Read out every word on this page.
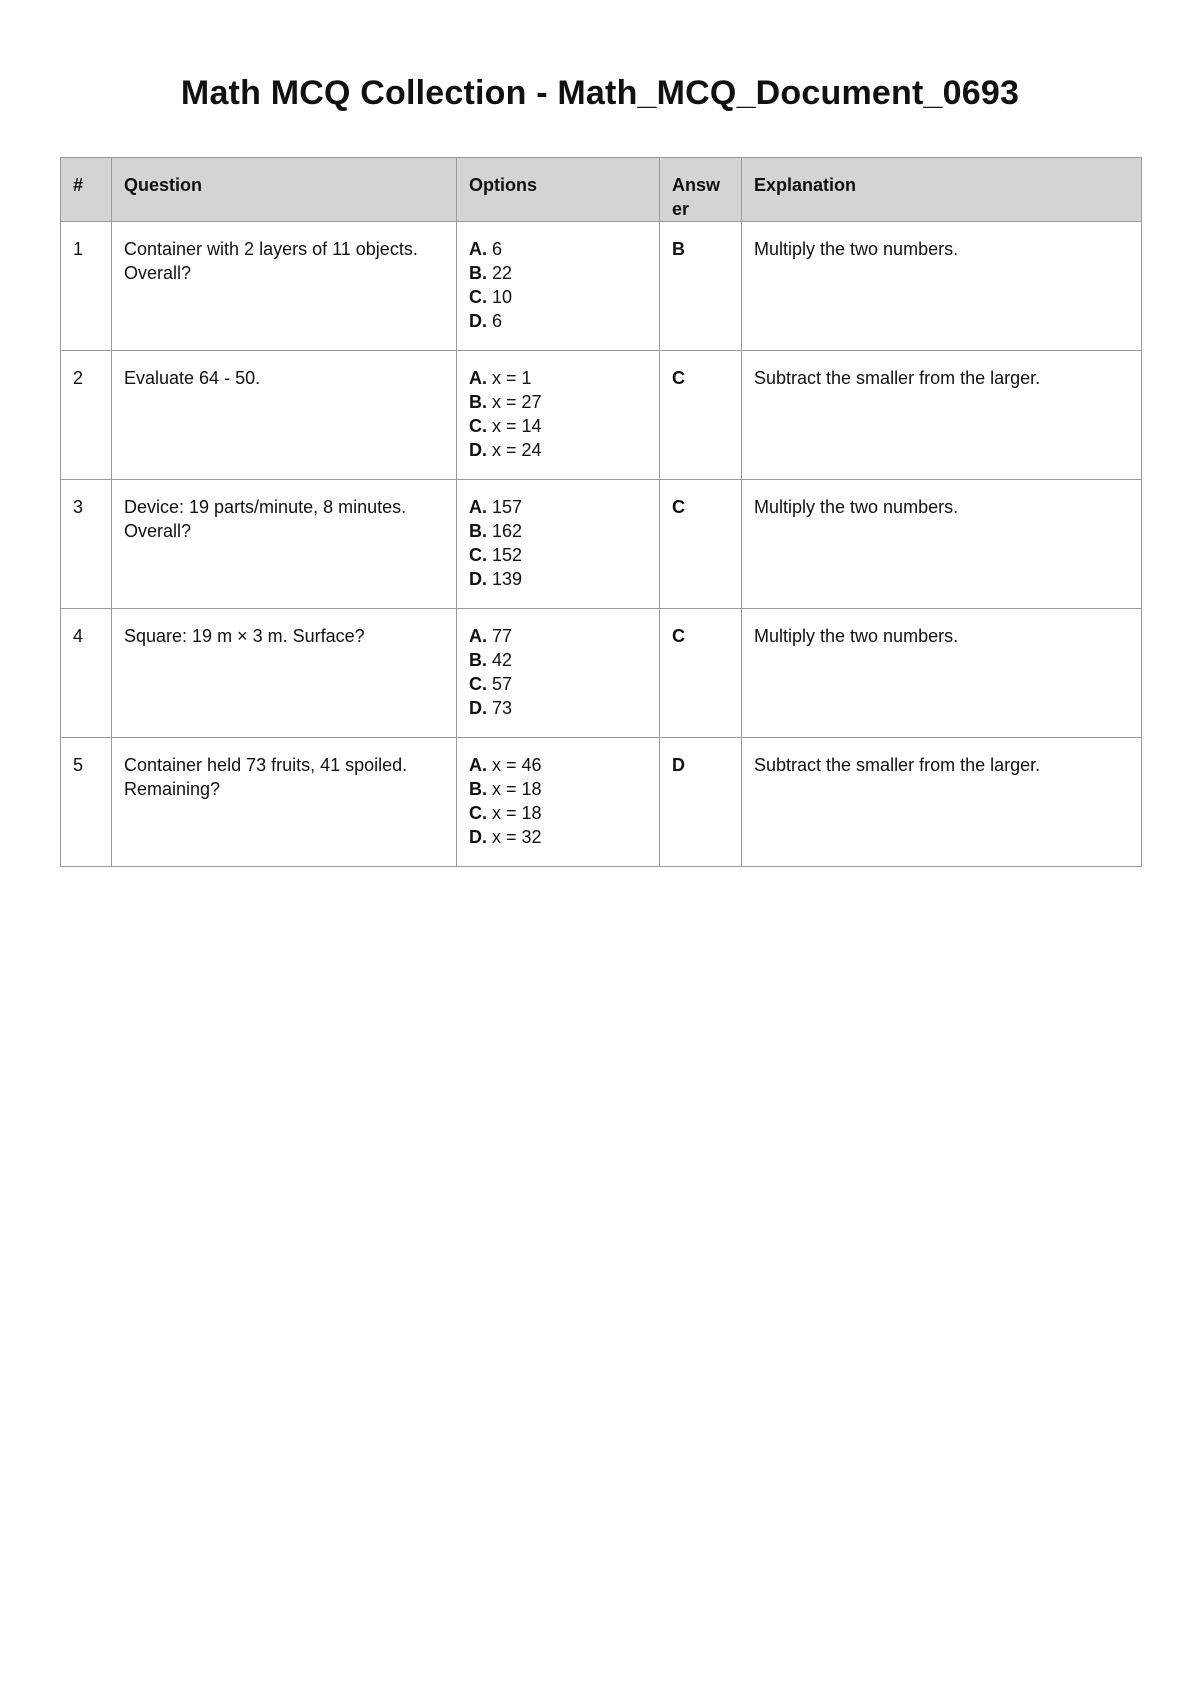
Math MCQ Collection - Math_MCQ_Document_0693
#	Question	Options	Answ er	Explanation
1	Container with 2 layers of 11 objects. Overall?	A. 6
B. 22
C. 10
D. 6	B	Multiply the two numbers.
2	Evaluate 64 - 50.	A. x = 1
B. x = 27
C. x = 14
D. x = 24	C	Subtract the smaller from the larger.
3	Device: 19 parts/minute, 8 minutes. Overall?	A. 157
B. 162
C. 152
D. 139	C	Multiply the two numbers.
4	Square: 19 m × 3 m. Surface?	A. 77
B. 42
C. 57
D. 73	C	Multiply the two numbers.
5	Container held 73 fruits, 41 spoiled. Remaining?	A. x = 46
B. x = 18
C. x = 18
D. x = 32	D	Subtract the smaller from the larger.
